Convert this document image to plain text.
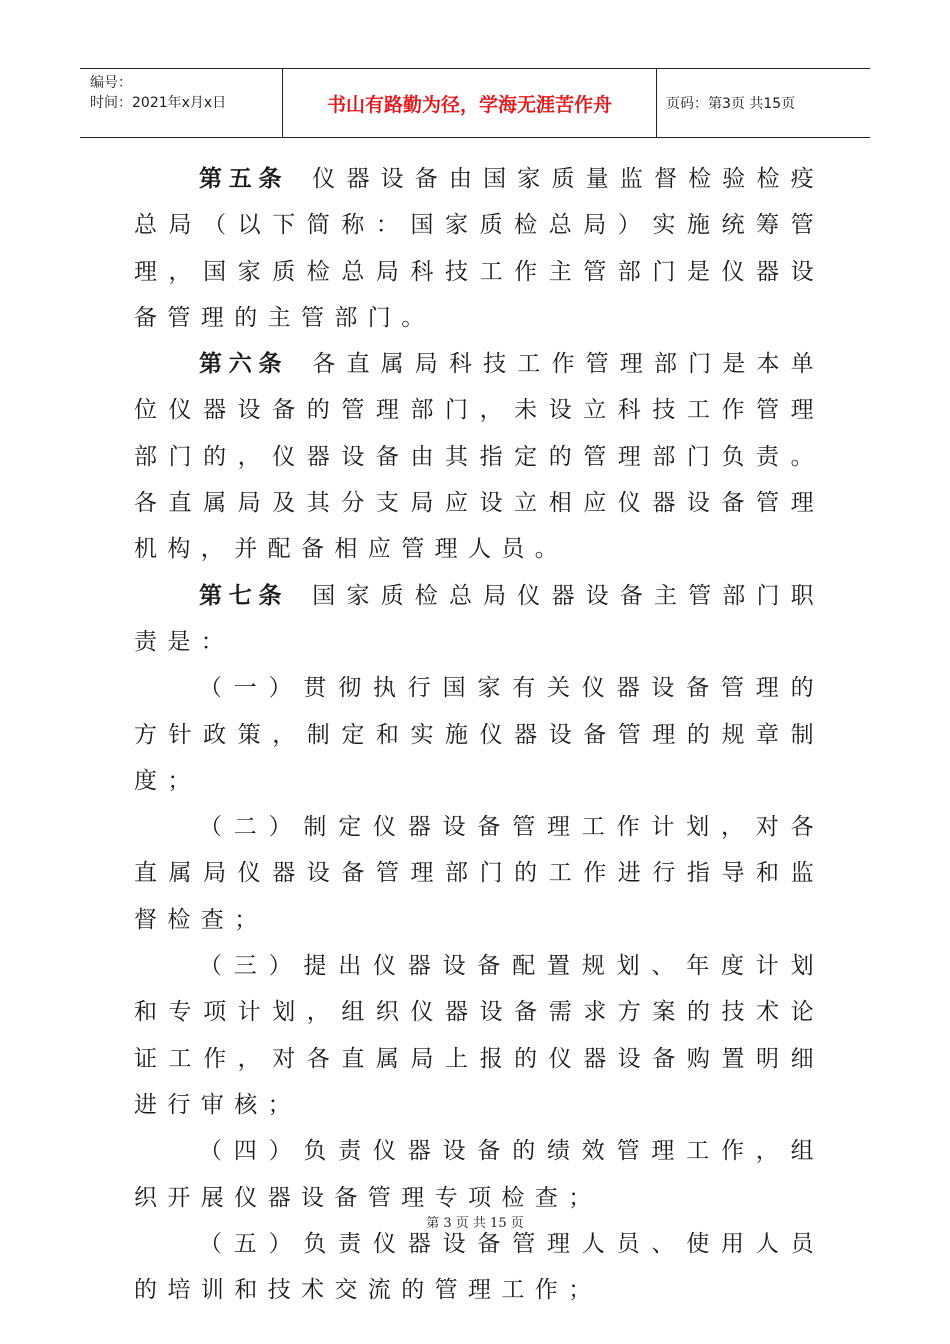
编号：
时间：2021年x月x日	书山有路勤为径，学海无涯苦作舟	页码：第3页 共15页

第五条 仪器设备由国家质量监督检验检疫总局（以下简称：国家质检总局）实施统筹管理，国家质检总局科技工作主管部门是仪器设备管理的主管部门。

第六条 各直属局科技工作管理部门是本单位仪器设备的管理部门，未设立科技工作管理部门的，仪器设备由其指定的管理部门负责。各直属局及其分支局应设立相应仪器设备管理机构，并配备相应管理人员。

第七条 国家质检总局仪器设备主管部门职责是：

（一）贯彻执行国家有关仪器设备管理的方针政策，制定和实施仪器设备管理的规章制度；

（二）制定仪器设备管理工作计划，对各直属局仪器设备管理部门的工作进行指导和监督检查；

（三）提出仪器设备配置规划、年度计划和专项计划，组织仪器设备需求方案的技术论证工作，对各直属局上报的仪器设备购置明细进行审核；

（四）负责仪器设备的绩效管理工作，组织开展仪器设备管理专项检查；

（五）负责仪器设备管理人员、使用人员的培训和技术交流的管理工作；

第 3 页 共 15 页
